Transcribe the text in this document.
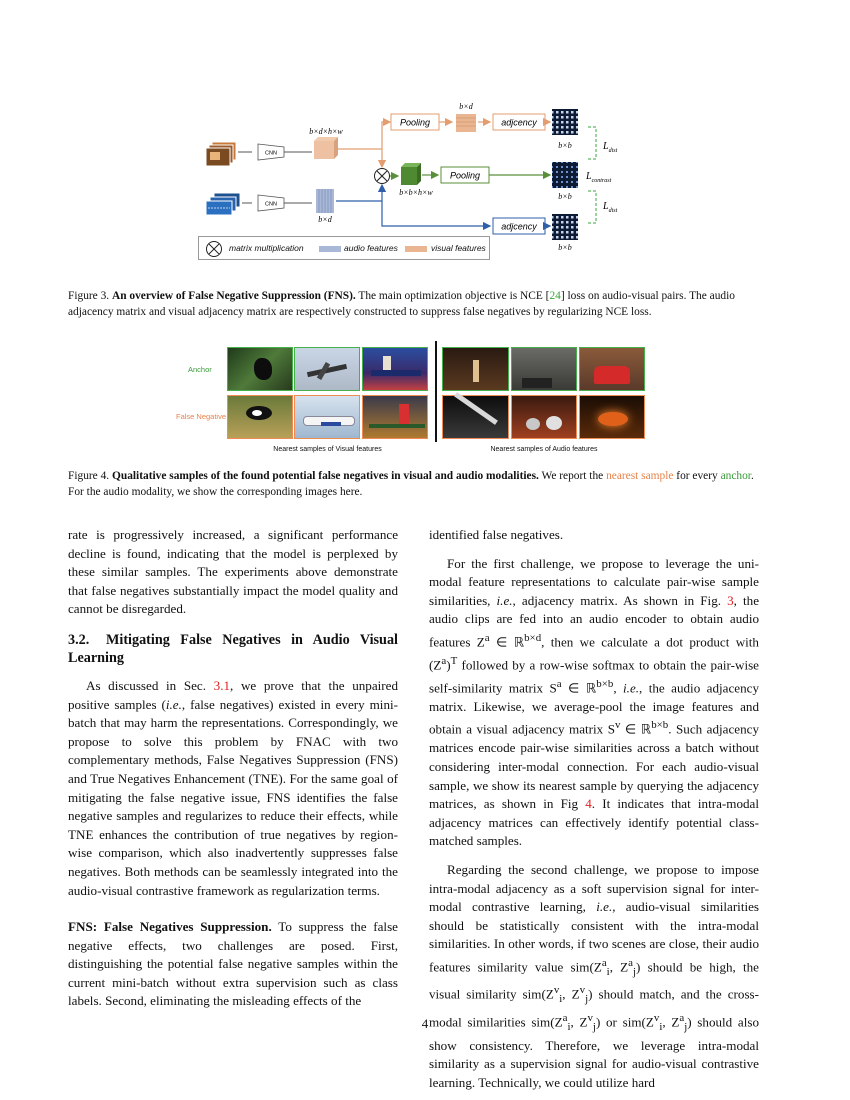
CNN
CNN
b×d×h×w
b×d
b×b×h×w
Pooling
b×d
adjcency
Pooling
adjcency
b×b
b×b
b×b
$L_{dist}$
$L_{contrast}$
$L_{dist}$
matrix multiplication	audio features	visual features
Figure 3. An overview of False Negative Suppression (FNS). The main optimization objective is NCE [24] loss on audio-visual pairs. The audio adjacency matrix and visual adjacency matrix are respectively constructed to suppress false negatives by regularizing NCE loss.
Anchor
False Negative
Nearest samples of Visual features	Nearest samples of Audio features
Figure 4. Qualitative samples of the found potential false negatives in visual and audio modalities. We report the nearest sample for every anchor. For the audio modality, we show the corresponding images here.

rate is progressively increased, a significant performance decline is found, indicating that the model is perplexed by these similar samples. The experiments above demonstrate that false negatives substantially impact the model quality and cannot be disregarded.

3.2. Mitigating False Negatives in Audio Visual Learning

As discussed in Sec. 3.1, we prove that the unpaired positive samples (i.e., false negatives) existed in every mini-batch that may harm the representations. Correspondingly, we propose to solve this problem by FNAC with two complementary methods, False Negatives Suppression (FNS) and True Negatives Enhancement (TNE). For the same goal of mitigating the false negative issue, FNS identifies the false negative samples and regularizes to reduce their effects, while TNE enhances the contribution of true negatives by region-wise comparison, which also inadvertently suppresses false negatives. Both methods can be seamlessly integrated into the audio-visual contrastive framework as regularization terms.

FNS: False Negatives Suppression. To suppress the false negative effects, two challenges are posed. First, distinguishing the potential false negative samples within the current mini-batch without extra supervision such as class labels. Second, eliminating the misleading effects of the

identified false negatives.

For the first challenge, we propose to leverage the uni-modal feature representations to calculate pair-wise sample similarities, i.e., adjacency matrix. As shown in Fig. 3, the audio clips are fed into an audio encoder to obtain audio features $Z^a$ ∈ ℝ$^{b\times d}$, then we calculate a dot product with $(Z^a)^T$ followed by a row-wise softmax to obtain the pair-wise self-similarity matrix $S^a$ ∈ ℝ$^{b\times b}$, i.e., the audio adjacency matrix. Likewise, we average-pool the image features and obtain a visual adjacency matrix $S^v$ ∈ ℝ$^{b\times b}$. Such adjacency matrices encode pair-wise similarities across a batch without considering inter-modal connection. For each audio-visual sample, we show its nearest sample by querying the adjacency matrices, as shown in Fig 4. It indicates that intra-modal adjacency matrices can effectively identify potential class-matched samples.

Regarding the second challenge, we propose to impose intra-modal adjacency as a soft supervision signal for inter-modal contrastive learning, i.e., audio-visual similarities should be statistically consistent with the intra-modal similarities. In other words, if two scenes are close, their audio features similarity value $sim(Z^a_i$, $Z^a_j$) should be high, the visual similarity $sim(Z^v_i$, $Z^v_j$) should match, and the cross-modal similarities $sim(Z^a_i$, $Z^v_j$) or $sim(Z^v_i$, $Z^a_j$) should also show consistency. Therefore, we leverage intra-modal similarity as a supervision signal for audio-visual contrastive learning. Technically, we could utilize hard

4
